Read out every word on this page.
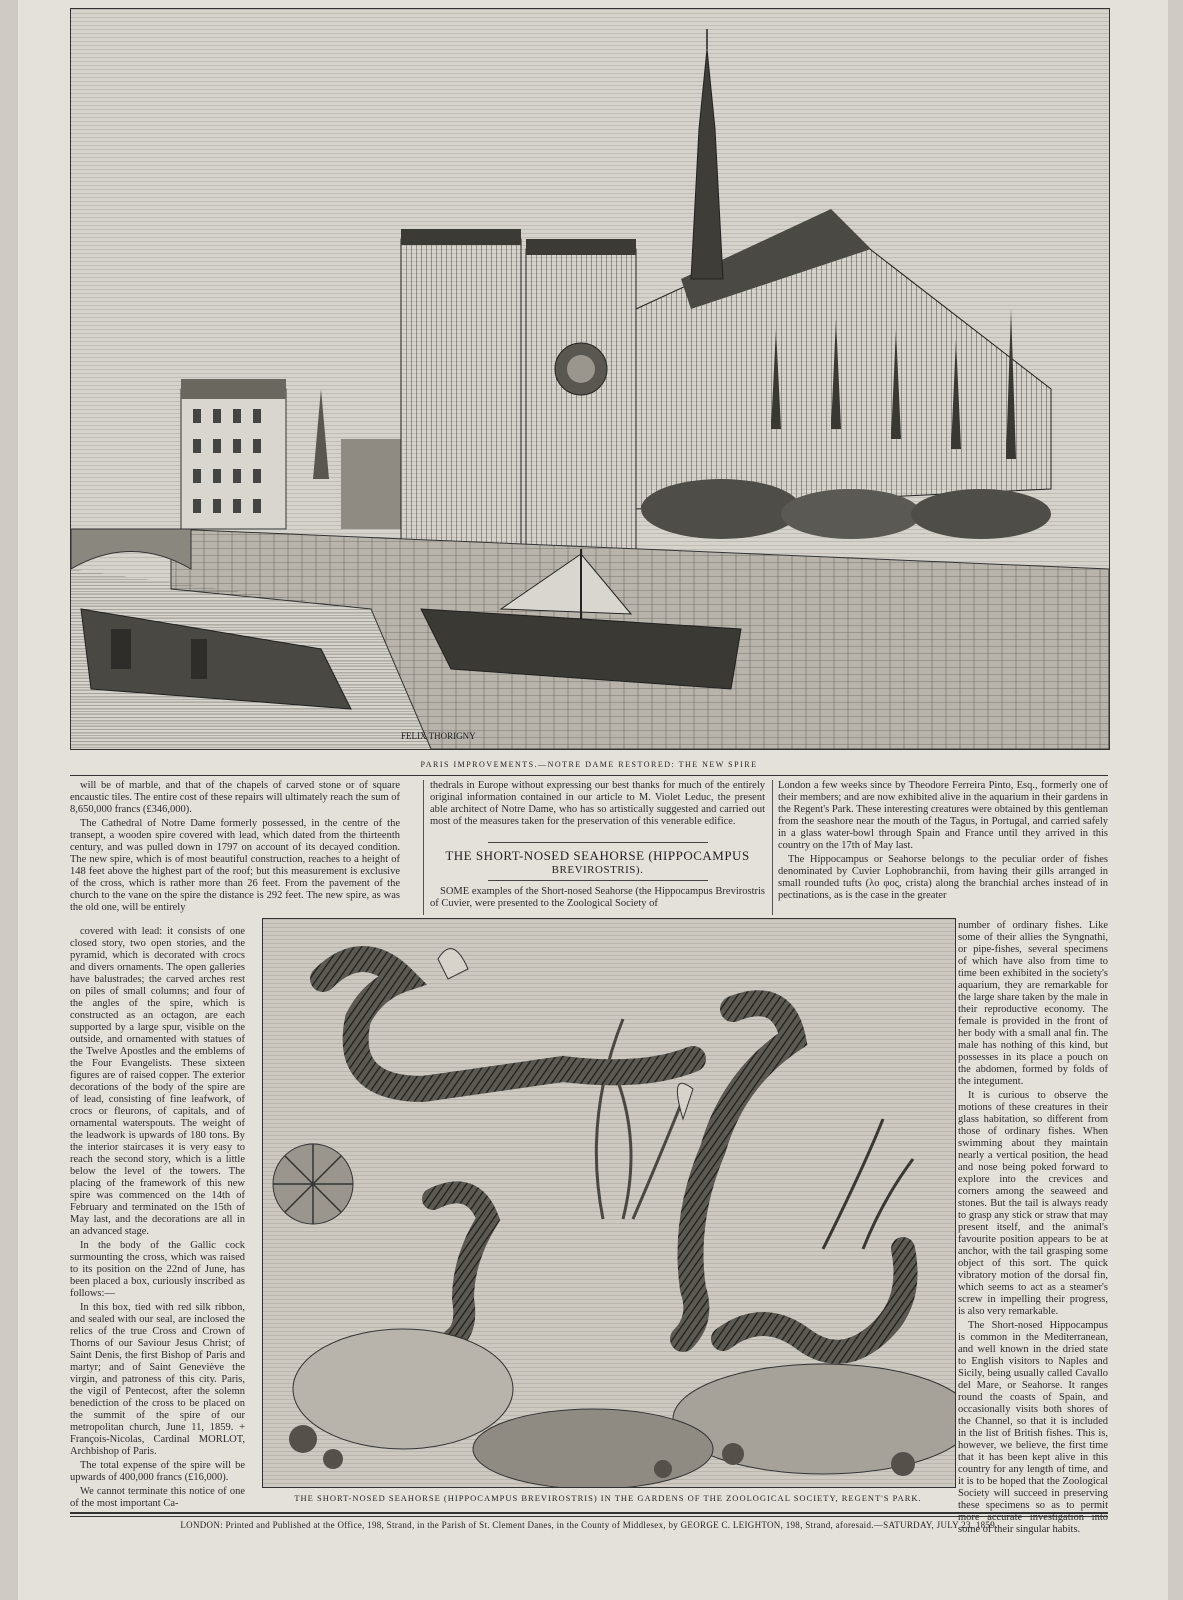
FELIX THORIGNY
PARIS IMPROVEMENTS.—NOTRE DAME RESTORED: THE NEW SPIRE

will be of marble, and that of the chapels of carved stone or of square encaustic tiles. The entire cost of these repairs will ultimately reach the sum of 8,650,000 francs (£346,000).

The Cathedral of Notre Dame formerly possessed, in the centre of the transept, a wooden spire covered with lead, which dated from the thirteenth century, and was pulled down in 1797 on account of its decayed condition. The new spire, which is of most beautiful construction, reaches to a height of 148 feet above the highest part of the roof; but this measurement is exclusive of the cross, which is rather more than 26 feet. From the pavement of the church to the vane on the spire the distance is 292 feet. The new spire, as was the old one, will be entirely

covered with lead: it consists of one closed story, two open stories, and the pyramid, which is decorated with crocs and divers ornaments. The open galleries have balustrades; the carved arches rest on piles of small columns; and four of the angles of the spire, which is constructed as an octagon, are each supported by a large spur, visible on the outside, and ornamented with statues of the Twelve Apostles and the emblems of the Four Evangelists. These sixteen figures are of raised copper. The exterior decorations of the body of the spire are of lead, consisting of fine leafwork, of crocs or fleurons, of capitals, and of ornamental waterspouts. The weight of the leadwork is upwards of 180 tons. By the interior staircases it is very easy to reach the second story, which is a little below the level of the towers. The placing of the framework of this new spire was commenced on the 14th of February and terminated on the 15th of May last, and the decorations are all in an advanced stage.

In the body of the Gallic cock surmounting the cross, which was raised to its position on the 22nd of June, has been placed a box, curiously inscribed as follows:—

In this box, tied with red silk ribbon, and sealed with our seal, are inclosed the relics of the true Cross and Crown of Thorns of our Saviour Jesus Christ; of Saint Denis, the first Bishop of Paris and martyr; and of Saint Geneviève the virgin, and patroness of this city. Paris, the vigil of Pentecost, after the solemn benediction of the cross to be placed on the summit of the spire of our metropolitan church, June 11, 1859. + François-Nicolas, Cardinal MORLOT, Archbishop of Paris.

The total expense of the spire will be upwards of 400,000 francs (£16,000).

We cannot terminate this notice of one of the most important Ca-

thedrals in Europe without expressing our best thanks for much of the entirely original information contained in our article to M. Violet Leduc, the present able architect of Notre Dame, who has so artistically suggested and carried out most of the measures taken for the preservation of this venerable edifice.

THE SHORT-NOSED SEAHORSE (HIPPOCAMPUS
BREVIROSTRIS).

SOME examples of the Short-nosed Seahorse (the Hippocampus Brevirostris of Cuvier, were presented to the Zoological Society of

London a few weeks since by Theodore Ferreira Pinto, Esq., formerly one of their members; and are now exhibited alive in the aquarium in their gardens in the Regent's Park. These interesting creatures were obtained by this gentleman from the seashore near the mouth of the Tagus, in Portugal, and carried safely in a glass water-bowl through Spain and France until they arrived in this country on the 17th of May last.

The Hippocampus or Seahorse belongs to the peculiar order of fishes denominated by Cuvier Lophobranchii, from having their gills arranged in small rounded tufts (λο φος, crista) along the branchial arches instead of in pectinations, as is the case in the greater

number of ordinary fishes. Like some of their allies the Syngnathi, or pipe-fishes, several specimens of which have also from time to time been exhibited in the society's aquarium, they are remarkable for the large share taken by the male in their reproductive economy. The female is provided in the front of her body with a small anal fin. The male has nothing of this kind, but possesses in its place a pouch on the abdomen, formed by folds of the integument.

It is curious to observe the motions of these creatures in their glass habitation, so different from those of ordinary fishes. When swimming about they maintain nearly a vertical position, the head and nose being poked forward to explore into the crevices and corners among the seaweed and stones. But the tail is always ready to grasp any stick or straw that may present itself, and the animal's favourite position appears to be at anchor, with the tail grasping some object of this sort. The quick vibratory motion of the dorsal fin, which seems to act as a steamer's screw in impelling their progress, is also very remarkable.

The Short-nosed Hippocampus is common in the Mediterranean, and well known in the dried state to English visitors to Naples and Sicily, being usually called Cavallo del Mare, or Seahorse. It ranges round the coasts of Spain, and occasionally visits both shores of the Channel, so that it is included in the list of British fishes. This is, however, we believe, the first time that it has been kept alive in this country for any length of time, and it is to be hoped that the Zoological Society will succeed in preserving these specimens so as to permit more accurate investigation into some of their singular habits.

THE SHORT-NOSED SEAHORSE (HIPPOCAMPUS BREVIROSTRIS) IN THE GARDENS OF THE ZOOLOGICAL SOCIETY, REGENT'S PARK.
LONDON: Printed and Published at the Office, 198, Strand, in the Parish of St. Clement Danes, in the County of Middlesex, by GEORGE C. LEIGHTON, 198, Strand, aforesaid.—SATURDAY, JULY 23, 1859.
